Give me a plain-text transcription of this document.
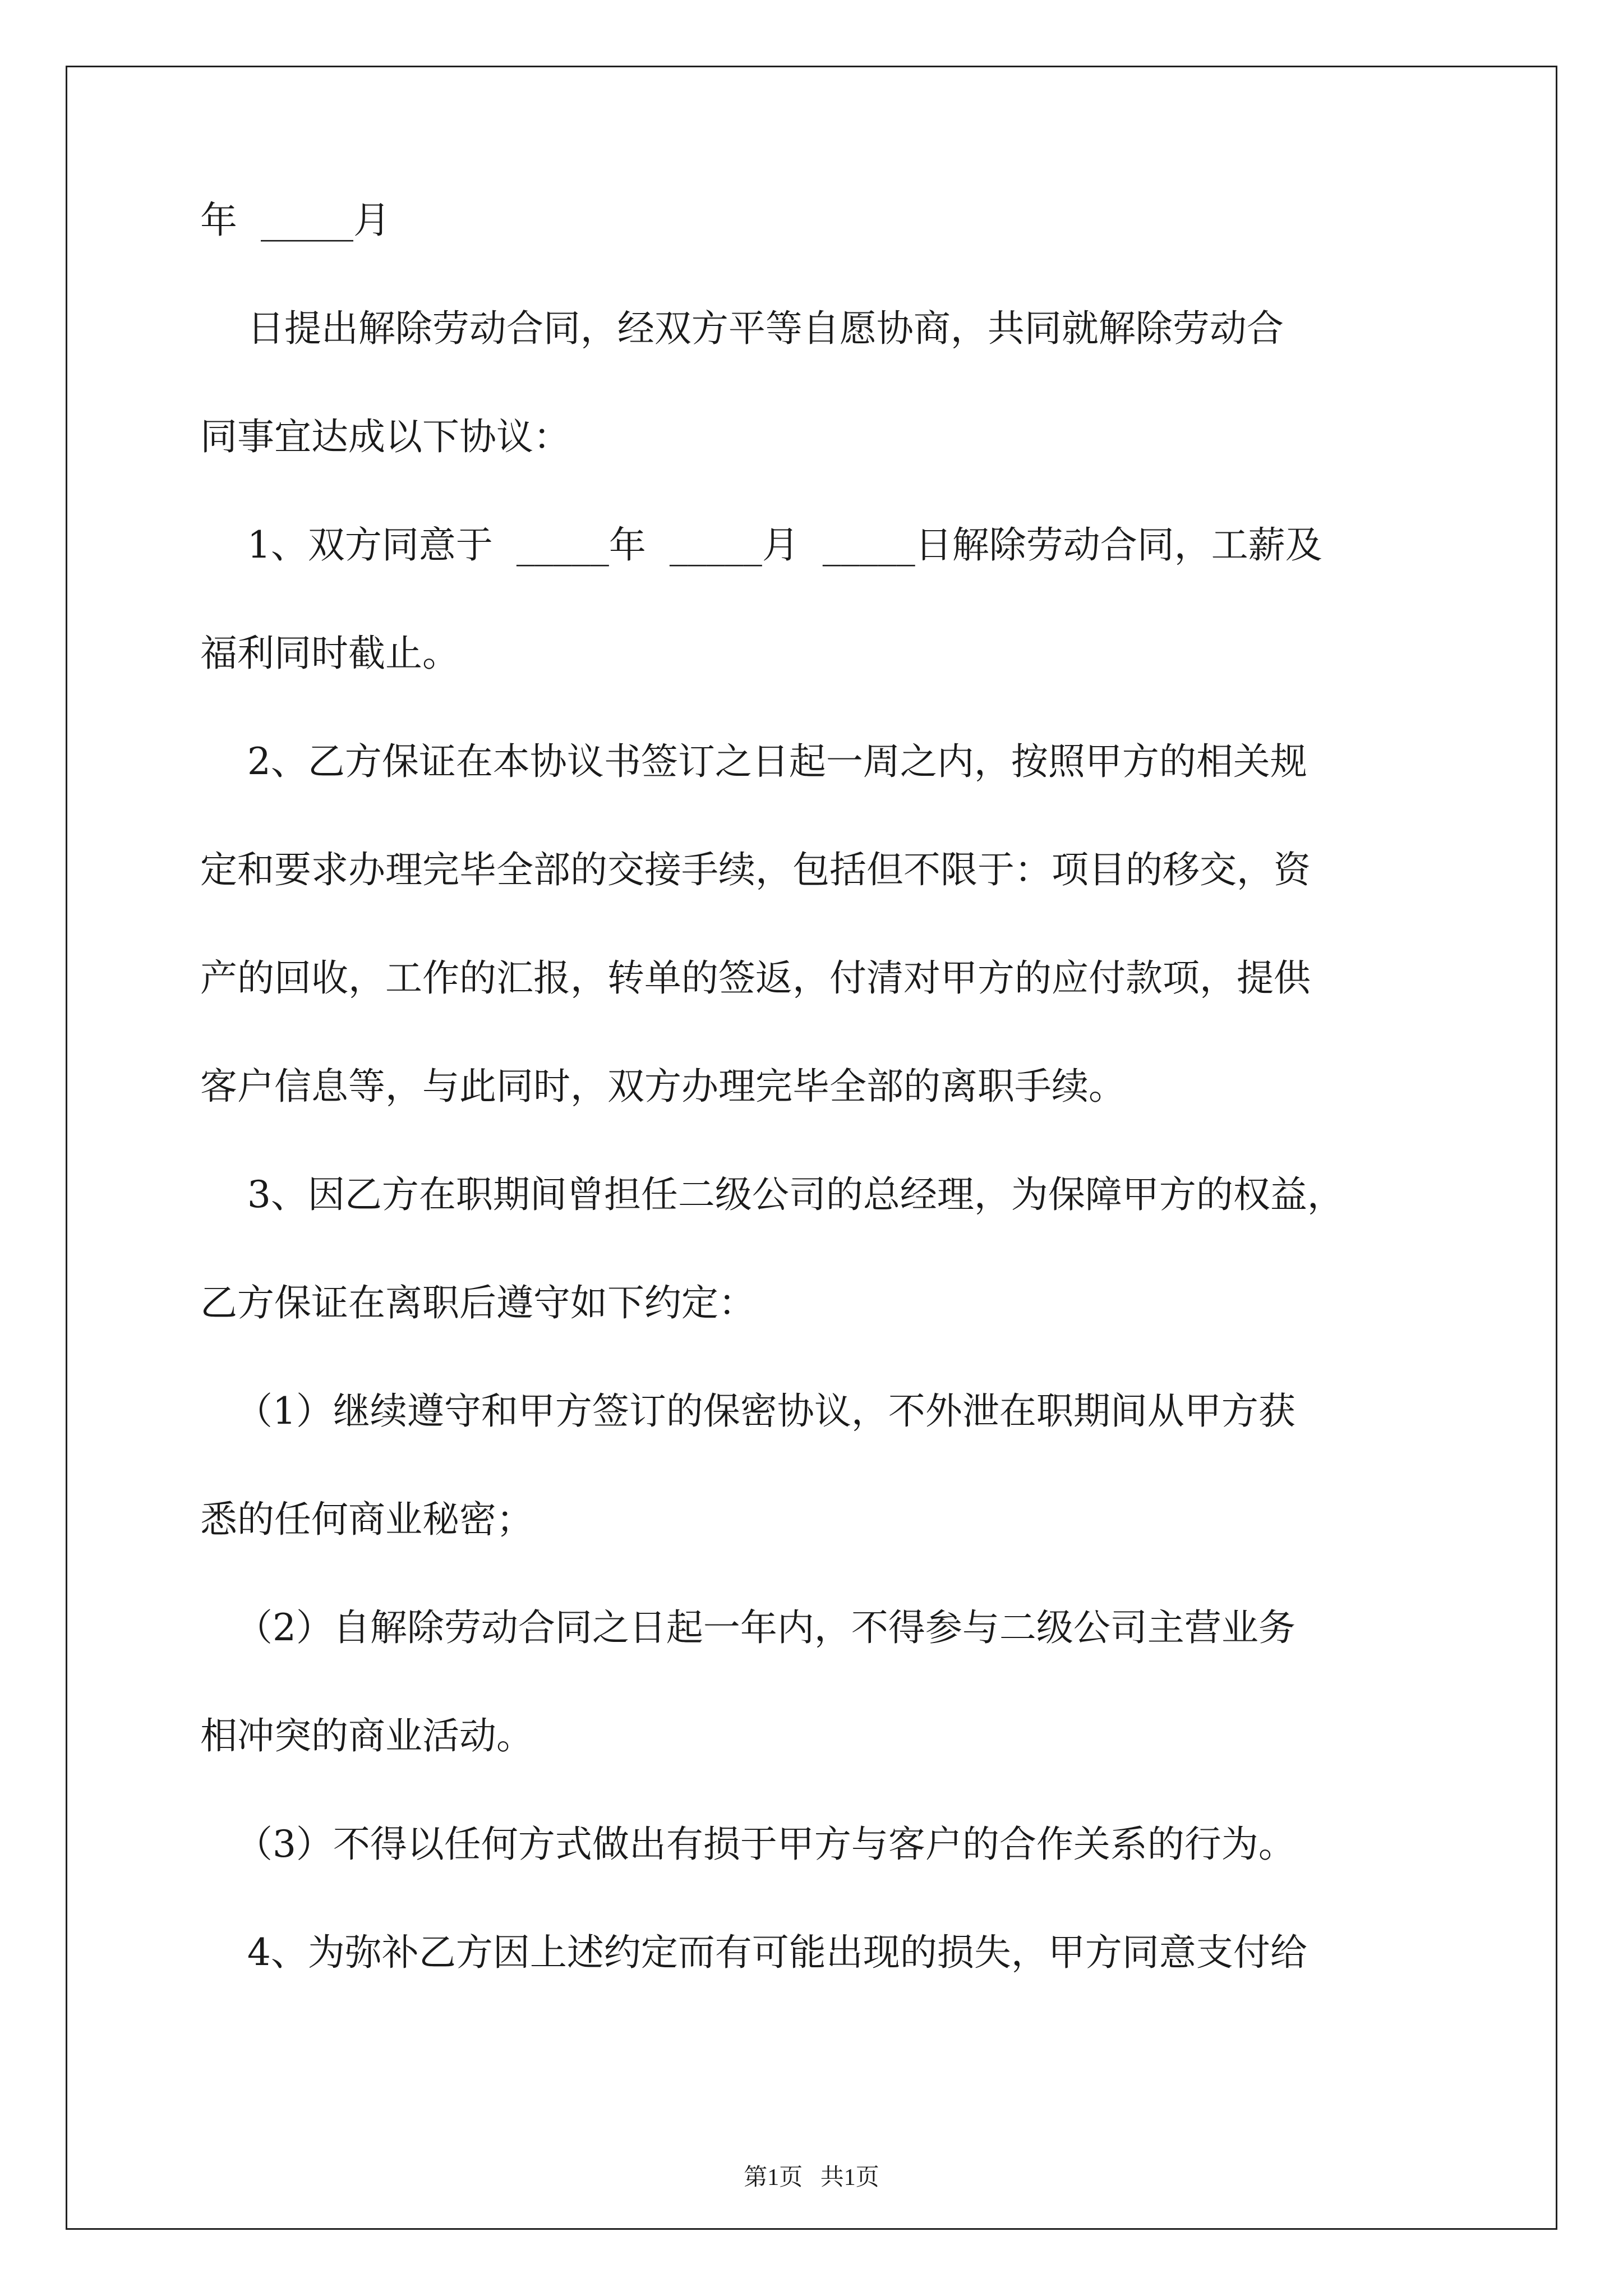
年  _____月
日提出解除劳动合同，经双方平等自愿协商，共同就解除劳动合
同事宜达成以下协议：
1、双方同意于  _____年  _____月  _____日解除劳动合同，工薪及
福利同时截止。
2、乙方保证在本协议书签订之日起一周之内，按照甲方的相关规
定和要求办理完毕全部的交接手续，包括但不限于：项目的移交，资
产的回收，工作的汇报，转单的签返，付清对甲方的应付款项，提供
客户信息等，与此同时，双方办理完毕全部的离职手续。
3、因乙方在职期间曾担任二级公司的总经理，为保障甲方的权益，
乙方保证在离职后遵守如下约定：
（1）继续遵守和甲方签订的保密协议，不外泄在职期间从甲方获
悉的任何商业秘密；
（2）自解除劳动合同之日起一年内，不得参与二级公司主营业务
相冲突的商业活动。
（3）不得以任何方式做出有损于甲方与客户的合作关系的行为。
4、为弥补乙方因上述约定而有可能出现的损失，甲方同意支付给
第1页   共1页
